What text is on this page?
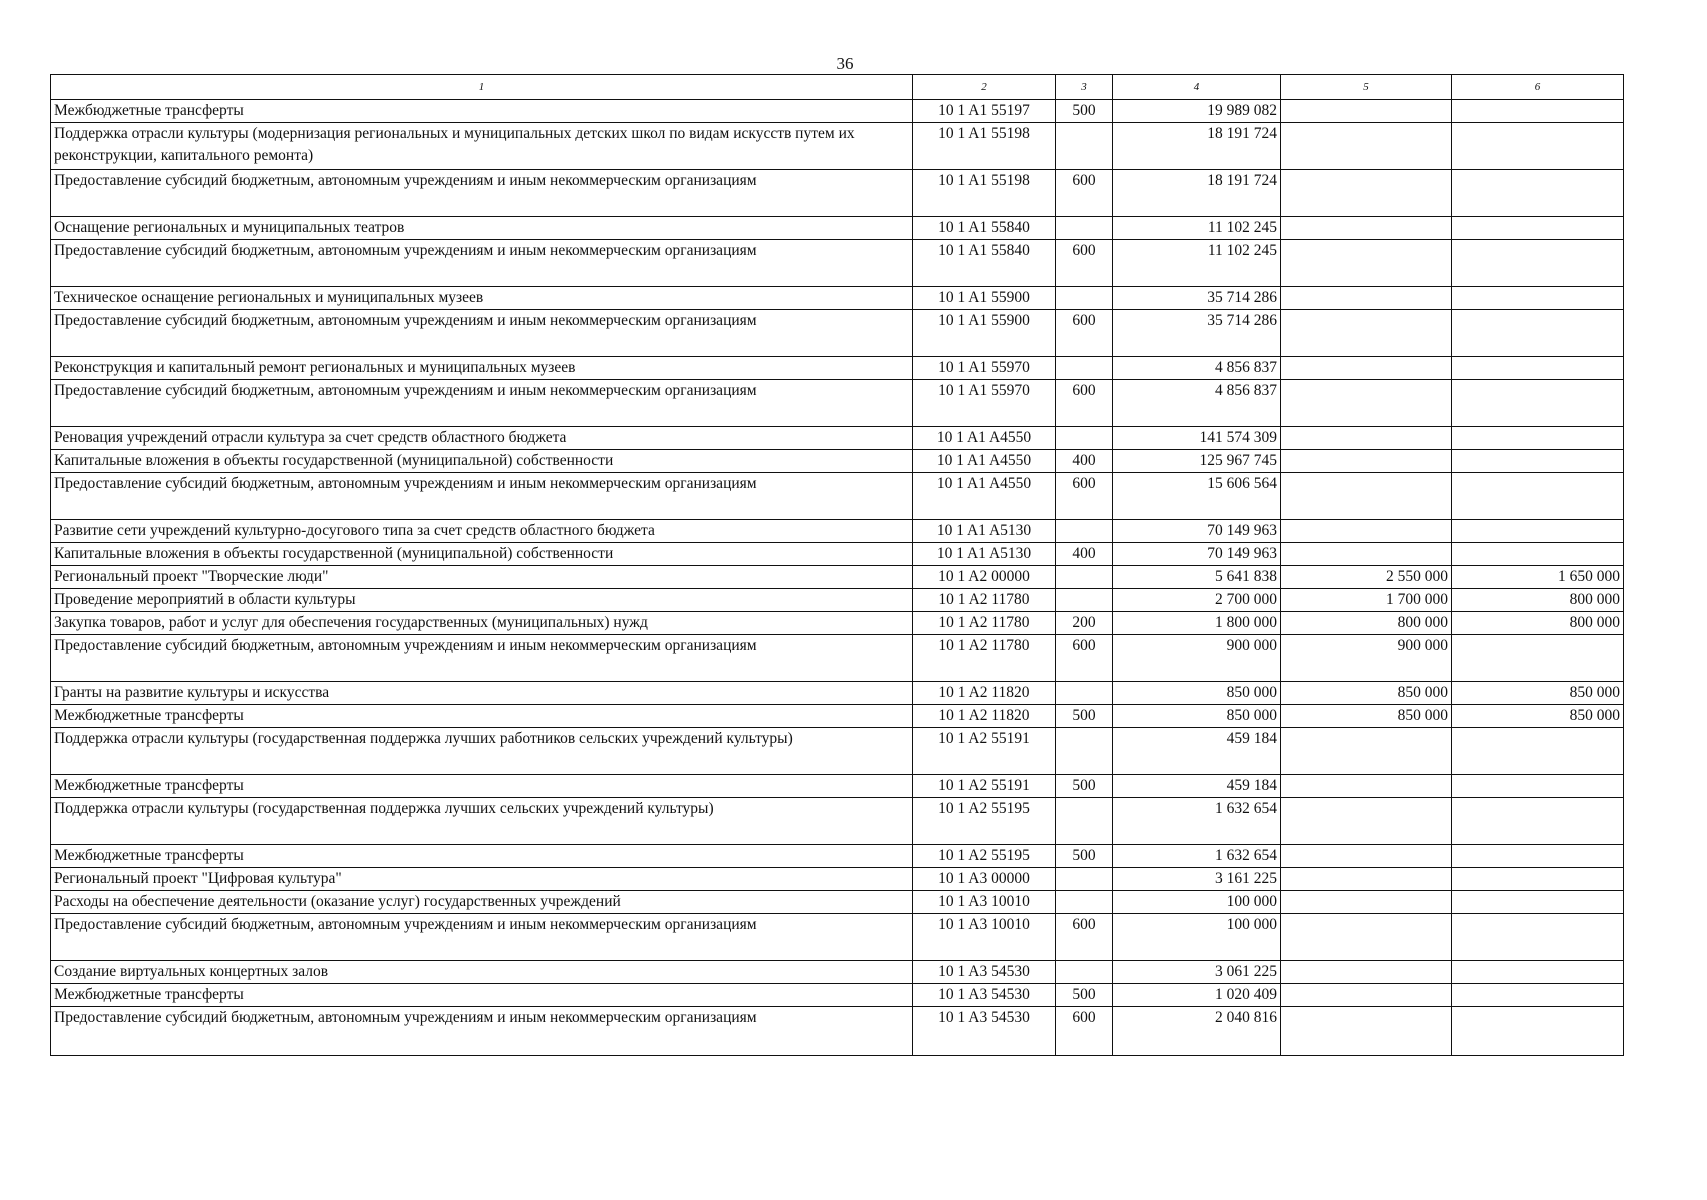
36
1	2	3	4	5	6
Межбюджетные трансферты	10 1 A1 55197	500	19 989 082		
Поддержка отрасли культуры (модернизация региональных и муниципальных детских школ по видам искусств путем их реконструкции, капитального ремонта)	10 1 A1 55198		18 191 724		
Предоставление субсидий бюджетным, автономным учреждениям и иным некоммерческим организациям	10 1 A1 55198	600	18 191 724		
Оснащение региональных и муниципальных театров	10 1 A1 55840		11 102 245		
Предоставление субсидий бюджетным, автономным учреждениям и иным некоммерческим организациям	10 1 A1 55840	600	11 102 245		
Техническое оснащение региональных и муниципальных музеев	10 1 A1 55900		35 714 286		
Предоставление субсидий бюджетным, автономным учреждениям и иным некоммерческим организациям	10 1 A1 55900	600	35 714 286		
Реконструкция и капитальный ремонт региональных и муниципальных музеев	10 1 A1 55970		4 856 837		
Предоставление субсидий бюджетным, автономным учреждениям и иным некоммерческим организациям	10 1 A1 55970	600	4 856 837		
Реновация учреждений отрасли культура за счет средств областного бюджета	10 1 A1 A4550		141 574 309		
Капитальные вложения в объекты государственной (муниципальной) собственности	10 1 A1 A4550	400	125 967 745		
Предоставление субсидий бюджетным, автономным учреждениям и иным некоммерческим организациям	10 1 A1 A4550	600	15 606 564		
Развитие сети учреждений культурно-досугового типа за счет средств областного бюджета	10 1 A1 A5130		70 149 963		
Капитальные вложения в объекты государственной (муниципальной) собственности	10 1 A1 A5130	400	70 149 963		
Региональный проект "Творческие люди"	10 1 A2 00000		5 641 838	2 550 000	1 650 000
Проведение мероприятий в области культуры	10 1 A2 11780		2 700 000	1 700 000	800 000
Закупка товаров, работ и услуг для обеспечения государственных (муниципальных) нужд	10 1 A2 11780	200	1 800 000	800 000	800 000
Предоставление субсидий бюджетным, автономным учреждениям и иным некоммерческим организациям	10 1 A2 11780	600	900 000	900 000	
Гранты на развитие культуры и искусства	10 1 A2 11820		850 000	850 000	850 000
Межбюджетные трансферты	10 1 A2 11820	500	850 000	850 000	850 000
Поддержка отрасли культуры (государственная поддержка лучших работников сельских учреждений культуры)	10 1 A2 55191		459 184		
Межбюджетные трансферты	10 1 A2 55191	500	459 184		
Поддержка отрасли культуры (государственная поддержка лучших сельских учреждений культуры)	10 1 A2 55195		1 632 654		
Межбюджетные трансферты	10 1 A2 55195	500	1 632 654		
Региональный проект "Цифровая культура"	10 1 A3 00000		3 161 225		
Расходы на обеспечение деятельности (оказание услуг) государственных учреждений	10 1 A3 10010		100 000		
Предоставление субсидий бюджетным, автономным учреждениям и иным некоммерческим организациям	10 1 A3 10010	600	100 000		
Создание виртуальных концертных залов	10 1 A3 54530		3 061 225		
Межбюджетные трансферты	10 1 A3 54530	500	1 020 409		
Предоставление субсидий бюджетным, автономным учреждениям и иным некоммерческим организациям	10 1 A3 54530	600	2 040 816		
